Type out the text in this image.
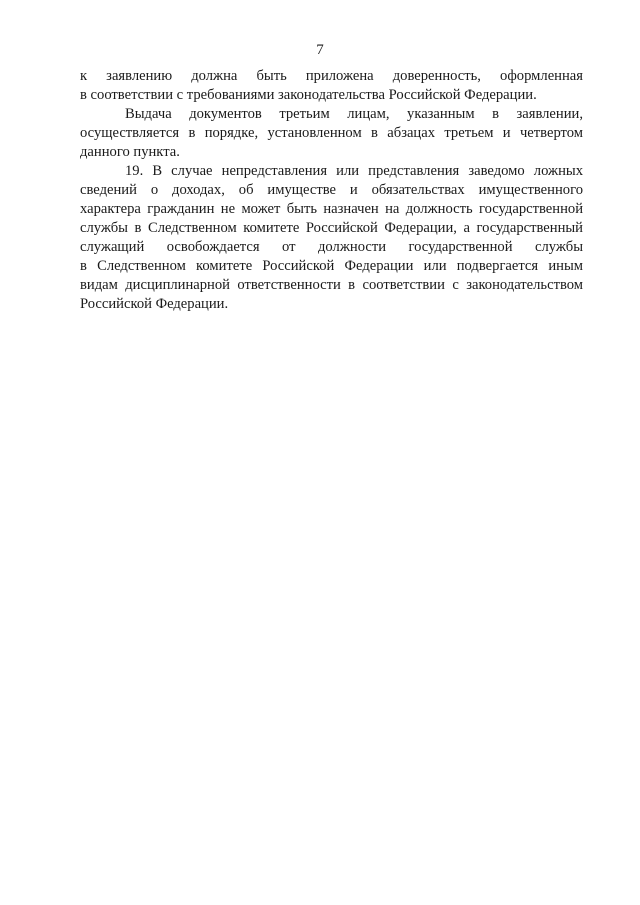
7

к заявлению должна быть приложена доверенность, оформленная
в соответствии с требованиями законодательства Российской Федерации.

Выдача документов третьим лицам, указанным в заявлении,
осуществляется в порядке, установленном в абзацах третьем и четвертом
данного пункта.

19. В случае непредставления или представления заведомо ложных
сведений о доходах, об имуществе и обязательствах имущественного
характера гражданин не может быть назначен на должность государственной
службы в Следственном комитете Российской Федерации, а государственный
служащий освобождается от должности государственной службы
в Следственном комитете Российской Федерации или подвергается иным
видам дисциплинарной ответственности в соответствии с законодательством
Российской Федерации.
